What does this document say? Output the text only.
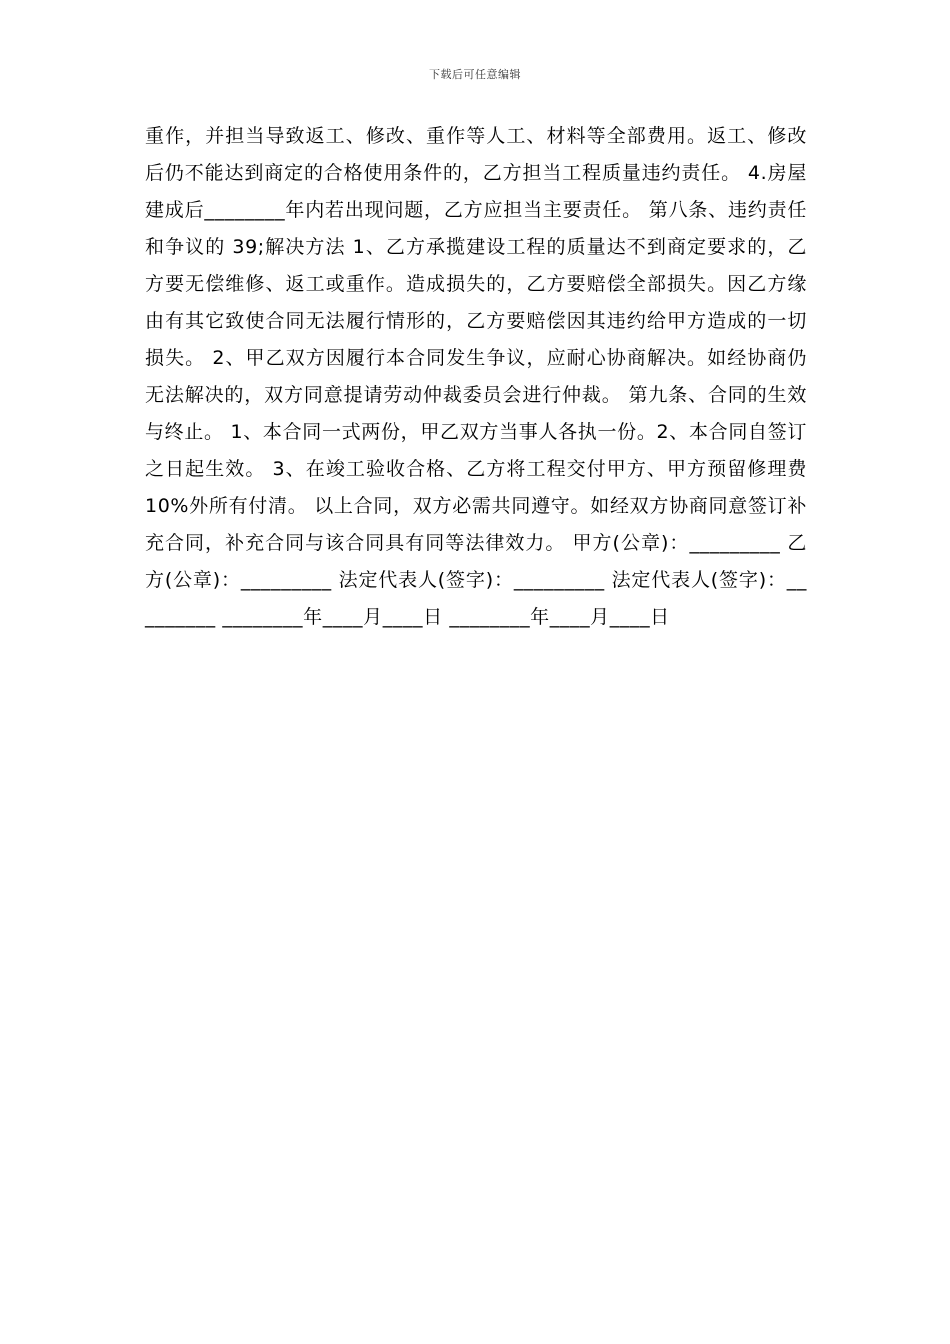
下载后可任意编辑

重作，并担当导致返工、修改、重作等人工、材料等全部费用。返工、修改后仍不能达到商定的合格使用条件的，乙方担当工程质量违约责任。 4.房屋建成后________年内若出现问题，乙方应担当主要责任。 第八条、违约责任和争议的 39;解决方法 1、乙方承揽建设工程的质量达不到商定要求的，乙方要无偿维修、返工或重作。造成损失的，乙方要赔偿全部损失。因乙方缘由有其它致使合同无法履行情形的，乙方要赔偿因其违约给甲方造成的一切损失。 2、甲乙双方因履行本合同发生争议，应耐心协商解决。如经协商仍无法解决的，双方同意提请劳动仲裁委员会进行仲裁。 第九条、合同的生效与终止。 1、本合同一式两份，甲乙双方当事人各执一份。2、本合同自签订之日起生效。 3、在竣工验收合格、乙方将工程交付甲方、甲方预留修理费 10%外所有付清。 以上合同，双方必需共同遵守。如经双方协商同意签订补充合同，补充合同与该合同具有同等法律效力。 甲方(公章)：_________ 乙方(公章)：_________ 法定代表人(签字)：_________ 法定代表人(签字)：_________ ________年____月____日 ________年____月____日
